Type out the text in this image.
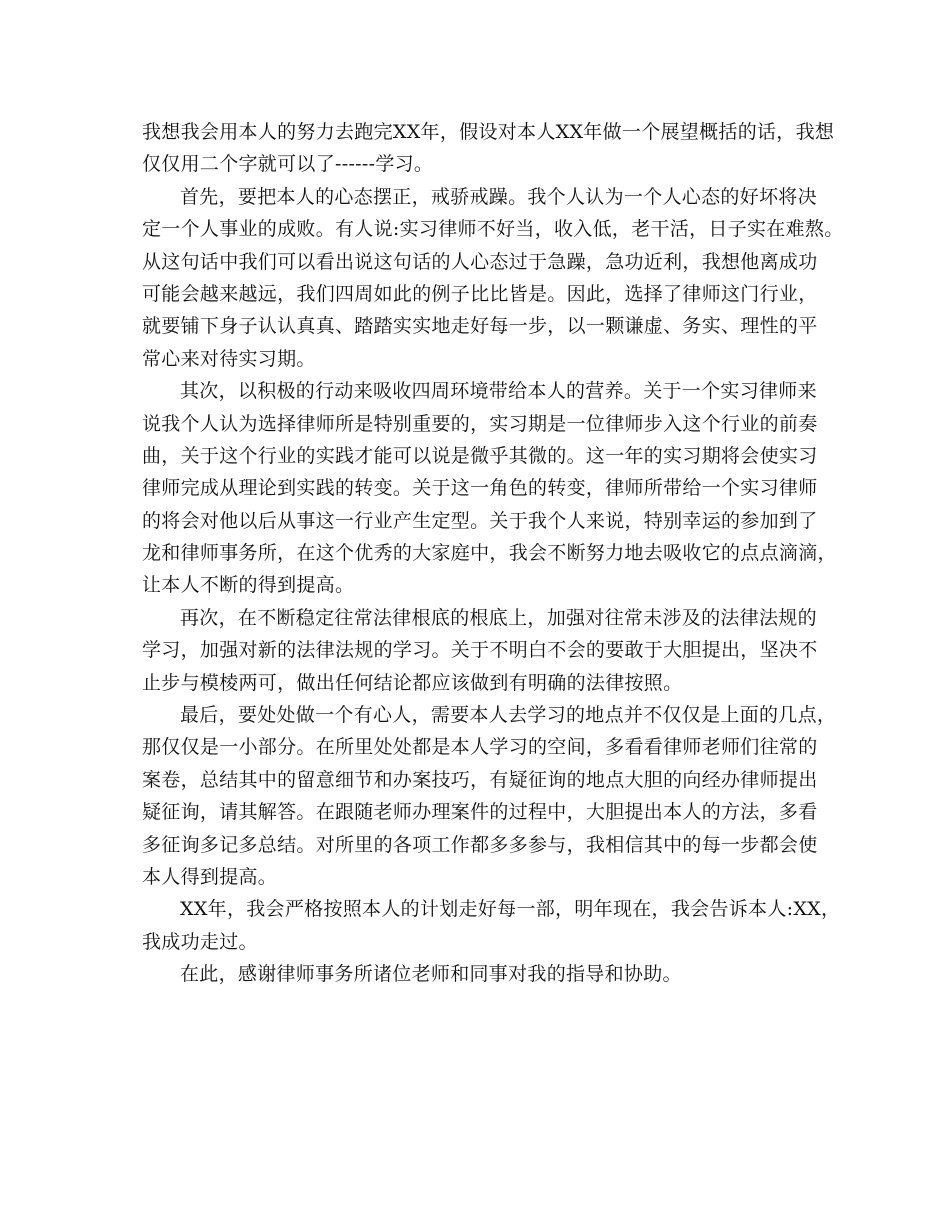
我想我会用本人的努力去跑完XX年，假设对本人XX年做一个展望概括的话，我想
仅仅用二个字就可以了------学习。
首先，要把本人的心态摆正，戒骄戒躁。我个人认为一个人心态的好坏将决
定一个人事业的成败。有人说:实习律师不好当，收入低，老干活，日子实在难熬。
从这句话中我们可以看出说这句话的人心态过于急躁，急功近利，我想他离成功
可能会越来越远，我们四周如此的例子比比皆是。因此，选择了律师这门行业，
就要铺下身子认认真真、踏踏实实地走好每一步，以一颗谦虚、务实、理性的平
常心来对待实习期。
其次，以积极的行动来吸收四周环境带给本人的营养。关于一个实习律师来
说我个人认为选择律师所是特别重要的，实习期是一位律师步入这个行业的前奏
曲，关于这个行业的实践才能可以说是微乎其微的。这一年的实习期将会使实习
律师完成从理论到实践的转变。关于这一角色的转变，律师所带给一个实习律师
的将会对他以后从事这一行业产生定型。关于我个人来说，特别幸运的参加到了
龙和律师事务所，在这个优秀的大家庭中，我会不断努力地去吸收它的点点滴滴，
让本人不断的得到提高。
再次，在不断稳定往常法律根底的根底上，加强对往常未涉及的法律法规的
学习，加强对新的法律法规的学习。关于不明白不会的要敢于大胆提出，坚决不
止步与模棱两可，做出任何结论都应该做到有明确的法律按照。
最后，要处处做一个有心人，需要本人去学习的地点并不仅仅是上面的几点，
那仅仅是一小部分。在所里处处都是本人学习的空间，多看看律师老师们往常的
案卷，总结其中的留意细节和办案技巧，有疑征询的地点大胆的向经办律师提出
疑征询，请其解答。在跟随老师办理案件的过程中，大胆提出本人的方法，多看
多征询多记多总结。对所里的各项工作都多多参与，我相信其中的每一步都会使
本人得到提高。
XX年，我会严格按照本人的计划走好每一部，明年现在，我会告诉本人:XX，
我成功走过。
在此，感谢律师事务所诸位老师和同事对我的指导和协助。
